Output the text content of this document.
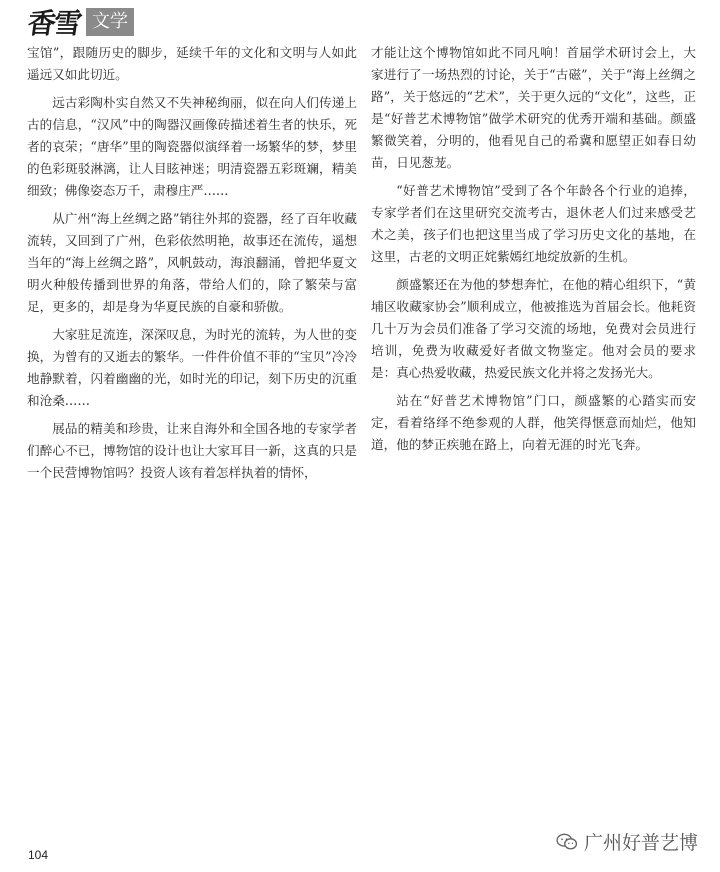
香雪 文学

宝馆”，跟随历史的脚步，延续千年的文化和文明与人如此遥远又如此切近。

远古彩陶朴实自然又不失神秘绚丽，似在向人们传递上古的信息，“汉风”中的陶器汉画像砖描述着生者的快乐，死者的哀荣；“唐华”里的陶瓷器似演绎着一场繁华的梦，梦里的色彩斑驳淋漓，让人目眩神迷；明清瓷器五彩斑斓，精美细致；佛像姿态万千，肃穆庄严……

从广州“海上丝绸之路”销往外邦的瓷器，经了百年收藏流转，又回到了广州，色彩依然明艳，故事还在流传，遥想当年的“海上丝绸之路”，风帆鼓动，海浪翻涌，曾把华夏文明火种般传播到世界的角落，带给人们的，除了繁荣与富足，更多的，却是身为华夏民族的自豪和骄傲。

大家驻足流连，深深叹息，为时光的流转，为人世的变换，为曾有的又逝去的繁华。一件件价值不菲的“宝贝”冷冷地静默着，闪着幽幽的光，如时光的印记，刻下历史的沉重和沧桑……

展品的精美和珍贵，让来自海外和全国各地的专家学者们醉心不已，博物馆的设计也让大家耳目一新，这真的只是一个民营博物馆吗？投资人该有着怎样执着的情怀，

才能让这个博物馆如此不同凡响！首届学术研讨会上，大家进行了一场热烈的讨论，关于“古磁”，关于“海上丝绸之路”，关于悠远的“艺术”，关于更久远的“文化”，这些，正是“好普艺术博物馆”做学术研究的优秀开端和基础。颜盛繁微笑着，分明的，他看见自己的希冀和愿望正如春日幼苗，日见葱茏。

“好普艺术博物馆”受到了各个年龄各个行业的追捧，专家学者们在这里研究交流考古，退休老人们过来感受艺术之美，孩子们也把这里当成了学习历史文化的基地，在这里，古老的文明正姹紫嫣红地绽放新的生机。

颜盛繁还在为他的梦想奔忙，在他的精心组织下，“黄埔区收藏家协会”顺利成立，他被推选为首届会长。他耗资几十万为会员们准备了学习交流的场地，免费对会员进行培训，免费为收藏爱好者做文物鉴定。他对会员的要求是：真心热爱收藏，热爱民族文化并将之发扬光大。

站在“好普艺术博物馆”门口，颜盛繁的心踏实而安定，看着络绎不绝参观的人群，他笑得惬意而灿烂，他知道，他的梦正疾驰在路上，向着无涯的时光飞奔。

104
广州好普艺博
